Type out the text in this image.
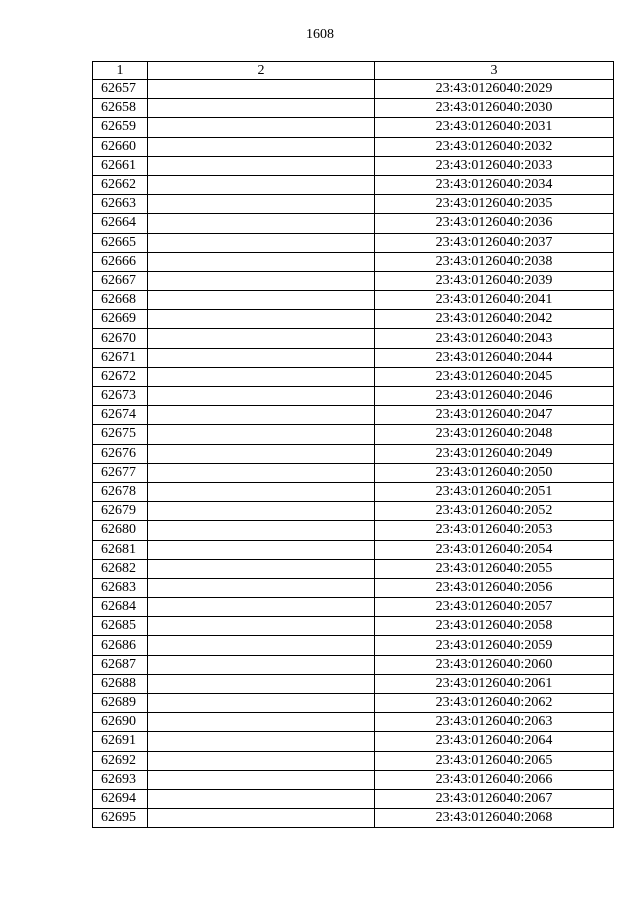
1608
1	2	3
62657		23:43:0126040:2029
62658		23:43:0126040:2030
62659		23:43:0126040:2031
62660		23:43:0126040:2032
62661		23:43:0126040:2033
62662		23:43:0126040:2034
62663		23:43:0126040:2035
62664		23:43:0126040:2036
62665		23:43:0126040:2037
62666		23:43:0126040:2038
62667		23:43:0126040:2039
62668		23:43:0126040:2041
62669		23:43:0126040:2042
62670		23:43:0126040:2043
62671		23:43:0126040:2044
62672		23:43:0126040:2045
62673		23:43:0126040:2046
62674		23:43:0126040:2047
62675		23:43:0126040:2048
62676		23:43:0126040:2049
62677		23:43:0126040:2050
62678		23:43:0126040:2051
62679		23:43:0126040:2052
62680		23:43:0126040:2053
62681		23:43:0126040:2054
62682		23:43:0126040:2055
62683		23:43:0126040:2056
62684		23:43:0126040:2057
62685		23:43:0126040:2058
62686		23:43:0126040:2059
62687		23:43:0126040:2060
62688		23:43:0126040:2061
62689		23:43:0126040:2062
62690		23:43:0126040:2063
62691		23:43:0126040:2064
62692		23:43:0126040:2065
62693		23:43:0126040:2066
62694		23:43:0126040:2067
62695		23:43:0126040:2068
